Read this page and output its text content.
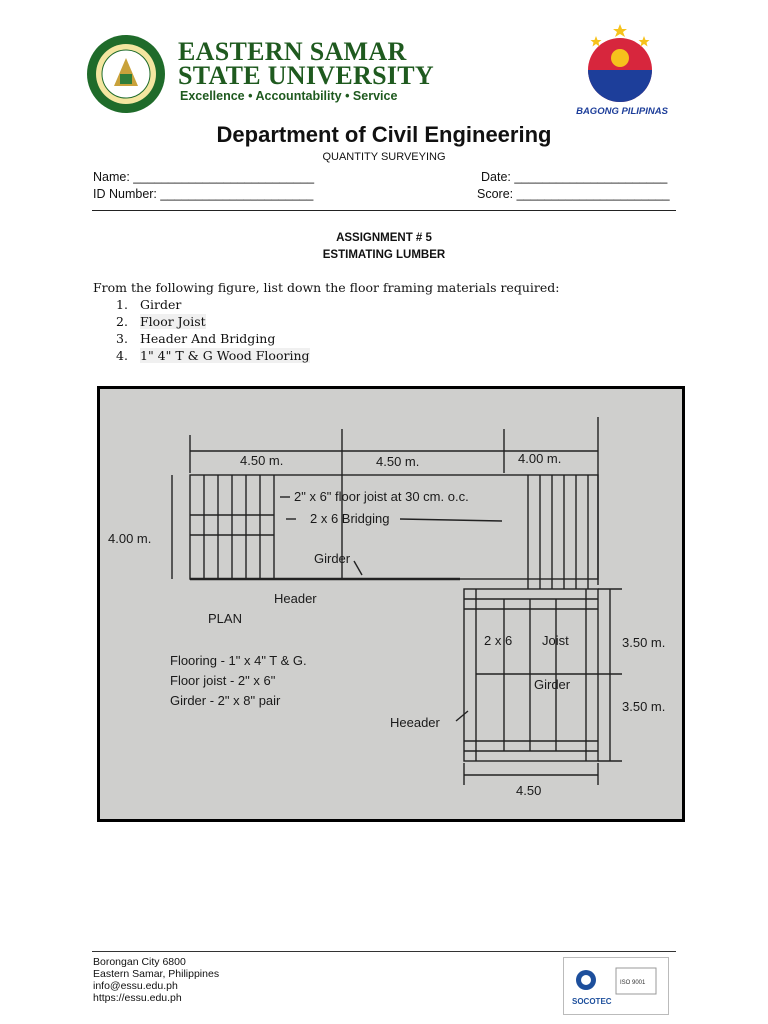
EASTERN SAMAR
STATE UNIVERSITY
Excellence • Accountability • Service
BAGONG PILIPINAS
Department of Civil Engineering
QUANTITY SURVEYING
Name: __________________________	Date: ______________________
ID Number: ______________________	Score: ______________________
ASSIGNMENT # 5
ESTIMATING LUMBER
From the following figure, list down the floor framing materials required:
1. Girder
2. Floor Joist
3. Header And Bridging
4. 1" 4" T & G Wood Flooring
4.50 m.	4.50 m.	4.00 m.
4.00 m.
2" x 6" floor joist at 30 cm. o.c.
2 x 6 Bridging
Girder
Header
PLAN
Flooring - 1" x 4" T & G.
Floor joist - 2" x 6"
Girder - 2" x 8" pair
2 x 6 Joist
Girder
Heeader
3.50 m.
3.50 m.
4.50
Borongan City 6800
Eastern Samar, Philippines
info@essu.edu.ph
https://essu.edu.ph	SOCOTEC
ISO 9001
